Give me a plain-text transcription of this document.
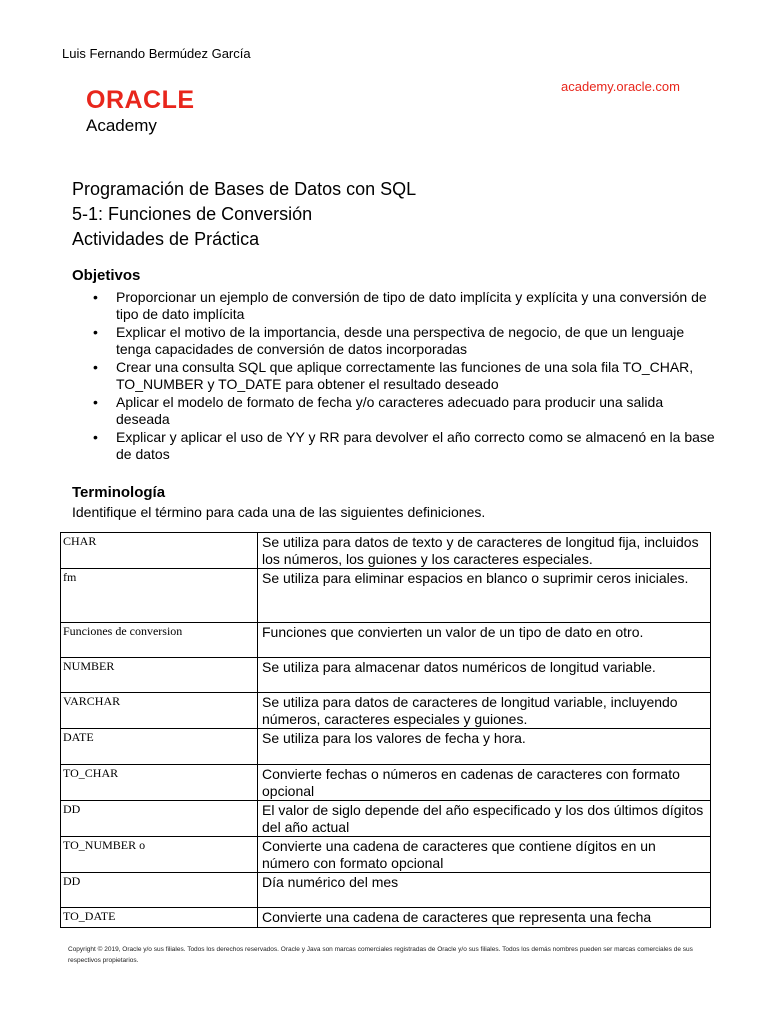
Luis Fernando Bermúdez García
academy.oracle.com
ORACLE
Academy
Programación de Bases de Datos con SQL
5-1: Funciones de Conversión
Actividades de Práctica
Objetivos
• Proporcionar un ejemplo de conversión de tipo de dato implícita y explícita y una conversión de tipo de dato implícita
• Explicar el motivo de la importancia, desde una perspectiva de negocio, de que un lenguaje tenga capacidades de conversión de datos incorporadas
• Crear una consulta SQL que aplique correctamente las funciones de una sola fila TO_CHAR, TO_NUMBER y TO_DATE para obtener el resultado deseado
• Aplicar el modelo de formato de fecha y/o caracteres adecuado para producir una salida deseada
• Explicar y aplicar el uso de YY y RR para devolver el año correcto como se almacenó en la base de datos
Terminología
Identifique el término para cada una de las siguientes definiciones.
CHAR	Se utiliza para datos de texto y de caracteres de longitud fija, incluidos los números, los guiones y los caracteres especiales.
fm	Se utiliza para eliminar espacios en blanco o suprimir ceros iniciales.
Funciones de conversion	Funciones que convierten un valor de un tipo de dato en otro.
NUMBER	Se utiliza para almacenar datos numéricos de longitud variable.
VARCHAR	Se utiliza para datos de caracteres de longitud variable, incluyendo números, caracteres especiales y guiones.
DATE	Se utiliza para los valores de fecha y hora.
TO_CHAR	Convierte fechas o números en cadenas de caracteres con formato opcional
DD	El valor de siglo depende del año especificado y los dos últimos dígitos del año actual
TO_NUMBER o	Convierte una cadena de caracteres que contiene dígitos en un número con formato opcional
DD	Día numérico del mes
TO_DATE	Convierte una cadena de caracteres que representa una fecha
Copyright © 2019, Oracle y/o sus filiales. Todos los derechos reservados. Oracle y Java son marcas comerciales registradas de Oracle y/o sus filiales. Todos los demás nombres pueden ser marcas comerciales de sus respectivos propietarios.
